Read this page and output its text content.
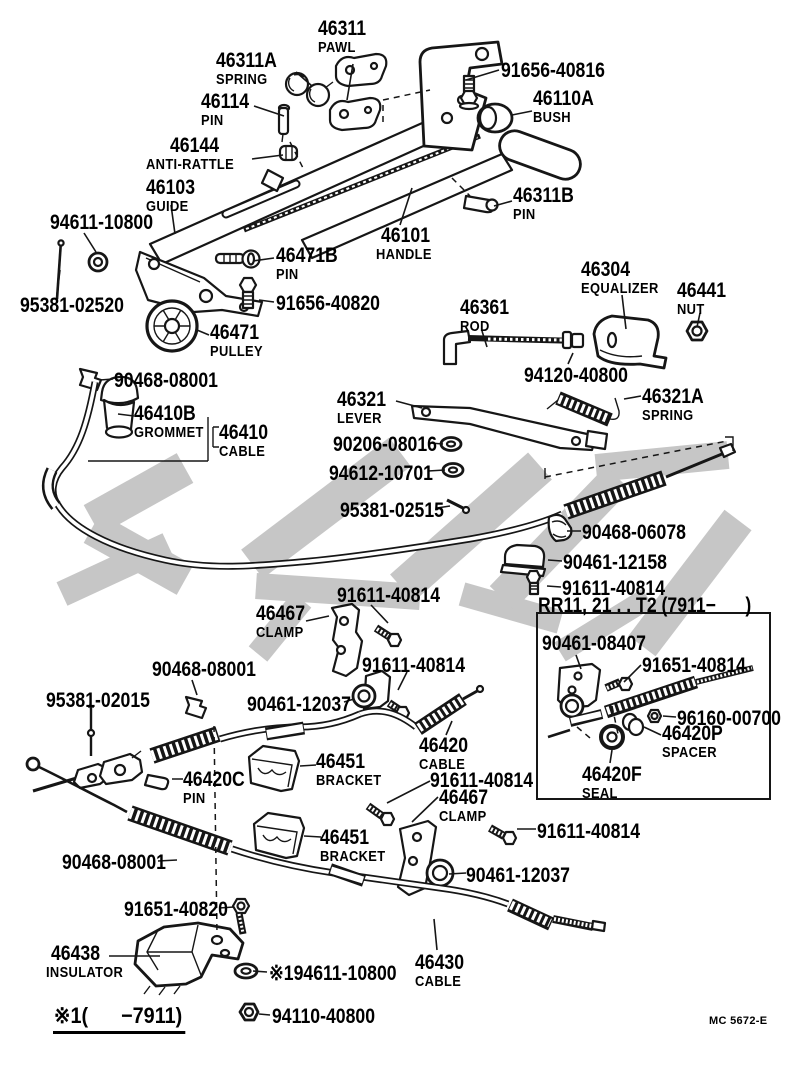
46311
PAWL
46311A
SPRING	91656-40816
46114
PIN
46110A
BUSH
46144
ANTI-RATTLE
46103
GUIDE	46311B
PIN
94611-10800
46101
HANDLE
46471B
PIN
95381-02520	91656-40820
46304
EQUALIZER 46441
NUT
46361
ROD
46471
PULLEY
94120-40800
90468-08001
46321
LEVER
46321A
SPRING
46410B
GROMMET 46410
CABLE	90206-08016
94612-10701
95381-02515
90468-06078
90461-12158
91611-40814
RR11, 21 . . T2 (7911−      )
90461-08407
91651-40814
96160-00700
46420P
SPACER
46420F
SEAL
46467
CLAMP
91611-40814
90468-08001
95381-02015	90461-12037
91611-40814
46420
CABLE
46451
BRACKET
46420C
PIN
91611-40814
46467
CLAMP
91611-40814
46451
BRACKET
90461-12037
90468-08001
91651-40820
46438
INSULATOR	※194611-10800
94110-40800
46430
CABLE
※1(      −7911)	MC 5672-E
